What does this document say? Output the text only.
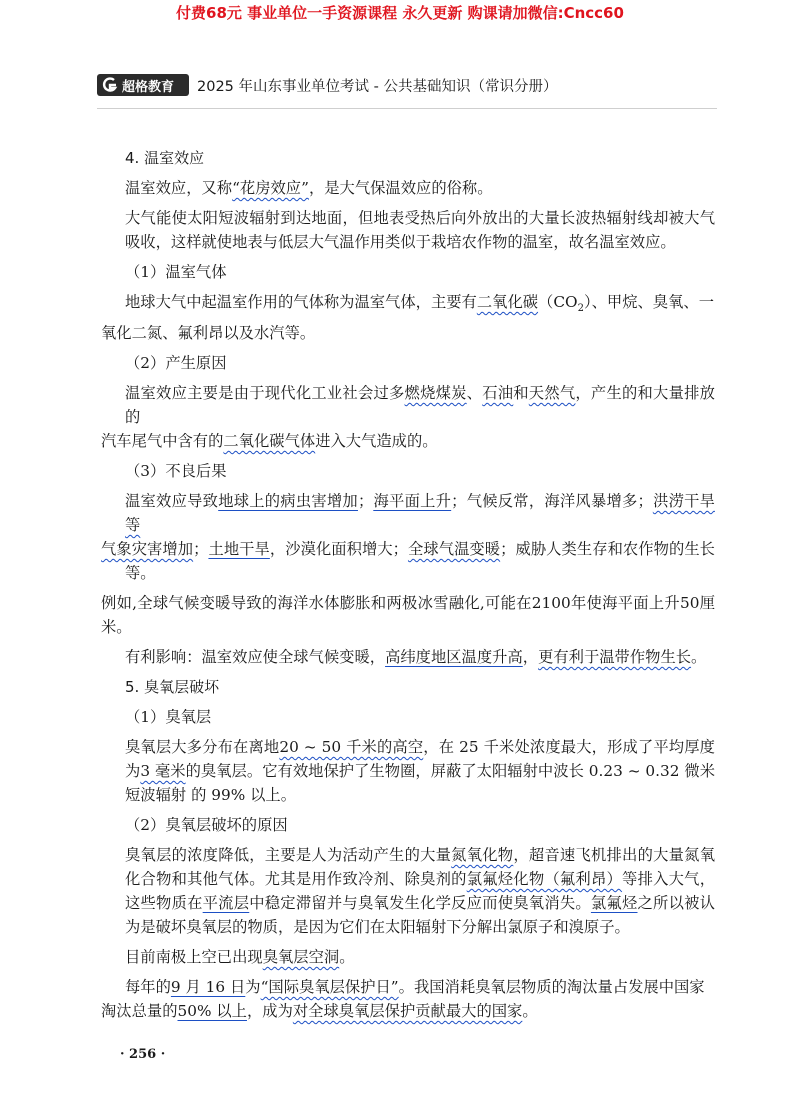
付费68元 事业单位一手资源课程 永久更新 购课请加微信:Cncc60
超格教育 2025 年山东事业单位考试 - 公共基础知识（常识分册）

4. 温室效应

温室效应，又称“花房效应”，是大气保温效应的俗称。

大气能使太阳短波辐射到达地面，但地表受热后向外放出的大量长波热辐射线却被大气吸收，这样就使地表与低层大气温作用类似于栽培农作物的温室，故名温室效应。

（1）温室气体

地球大气中起温室作用的气体称为温室气体，主要有二氧化碳$(CO_2)$、甲烷、臭氧、一
氧化二氮、氟利昂以及水汽等。

（2）产生原因

温室效应主要是由于现代化工业社会过多燃烧煤炭、石油和天然气，产生的和大量排放的
汽车尾气中含有的二氧化碳气体进入大气造成的。

（3）不良后果

温室效应导致地球上的病虫害增加；海平面上升；气候反常，海洋风暴增多；洪涝干旱等
气象灾害增加；土地干旱，沙漠化面积增大；全球气温变暖；威胁人类生存和农作物的生长等。

例如,全球气候变暖导致的海洋水体膨胀和两极冰雪融化,可能在2100年使海平面上升50厘米。

有利影响：温室效应使全球气候变暖，高纬度地区温度升高，更有利于温带作物生长。

5. 臭氧层破坏

（1）臭氧层

臭氧层大多分布在离地20 ~ 50 千米的高空，在 25 千米处浓度最大，形成了平均厚度为3 毫米的臭氧层。它有效地保护了生物圈，屏蔽了太阳辐射中波长 0.23 ~ 0.32 微米短波辐射 的 99% 以上。

（2）臭氧层破坏的原因

臭氧层的浓度降低，主要是人为活动产生的大量氮氧化物，超音速飞机排出的大量氮氧化合物和其他气体。尤其是用作致冷剂、除臭剂的氯氟烃化物（氟利昂）等排入大气，这些物质在平流层中稳定滞留并与臭氧发生化学反应而使臭氧消失。氯氟烃之所以被认为是破坏臭氧层的物质，是因为它们在太阳辐射下分解出氯原子和溴原子。

目前南极上空已出现臭氧层空洞。

每年的9 月 16 日为“国际臭氧层保护日”。我国消耗臭氧层物质的淘汰量占发展中国家
淘汰总量的50% 以上，成为对全球臭氧层保护贡献最大的国家。

· 256 ·
